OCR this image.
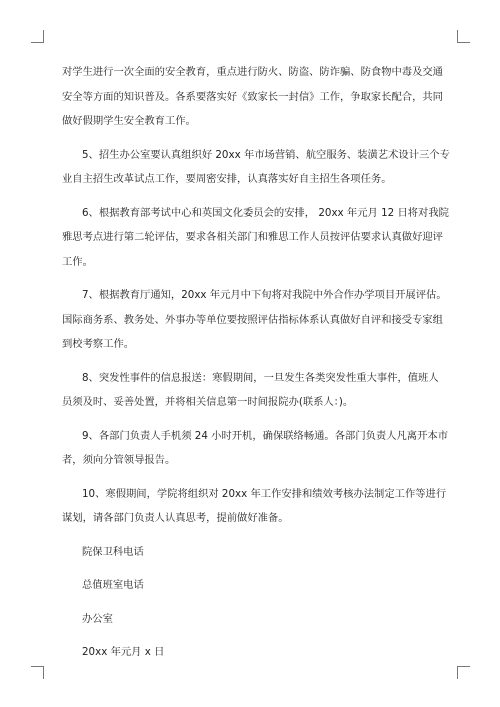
对学生进行一次全面的安全教育，重点进行防火、防盗、防诈骗、防食物中毒及交通

安全等方面的知识普及。各系要落实好《致家长一封信》工作，争取家长配合，共同

做好假期学生安全教育工作。

5、招生办公室要认真组织好 20xx 年市场营销、航空服务、装潢艺术设计三个专

业自主招生改革试点工作，要周密安排，认真落实好自主招生各项任务。

6、根据教育部考试中心和英国文化委员会的安排， 20xx 年元月 12 日将对我院

雅思考点进行第二轮评估，要求各相关部门和雅思工作人员按评估要求认真做好迎评

工作。

7、根据教育厅通知，20xx 年元月中下旬将对我院中外合作办学项目开展评估。

国际商务系、教务处、外事办等单位要按照评估指标体系认真做好自评和接受专家组

到校考察工作。

8、突发性事件的信息报送：寒假期间，一旦发生各类突发性重大事件，值班人

员须及时、妥善处置，并将相关信息第一时间报院办(联系人：)。

9、各部门负责人手机须 24 小时开机，确保联络畅通。各部门负责人凡离开本市

者，须向分管领导报告。

10、寒假期间，学院将组织对 20xx 年工作安排和绩效考核办法制定工作等进行

谋划，请各部门负责人认真思考，提前做好准备。

院保卫科电话

总值班室电话

办公室

20xx 年元月 x 日
